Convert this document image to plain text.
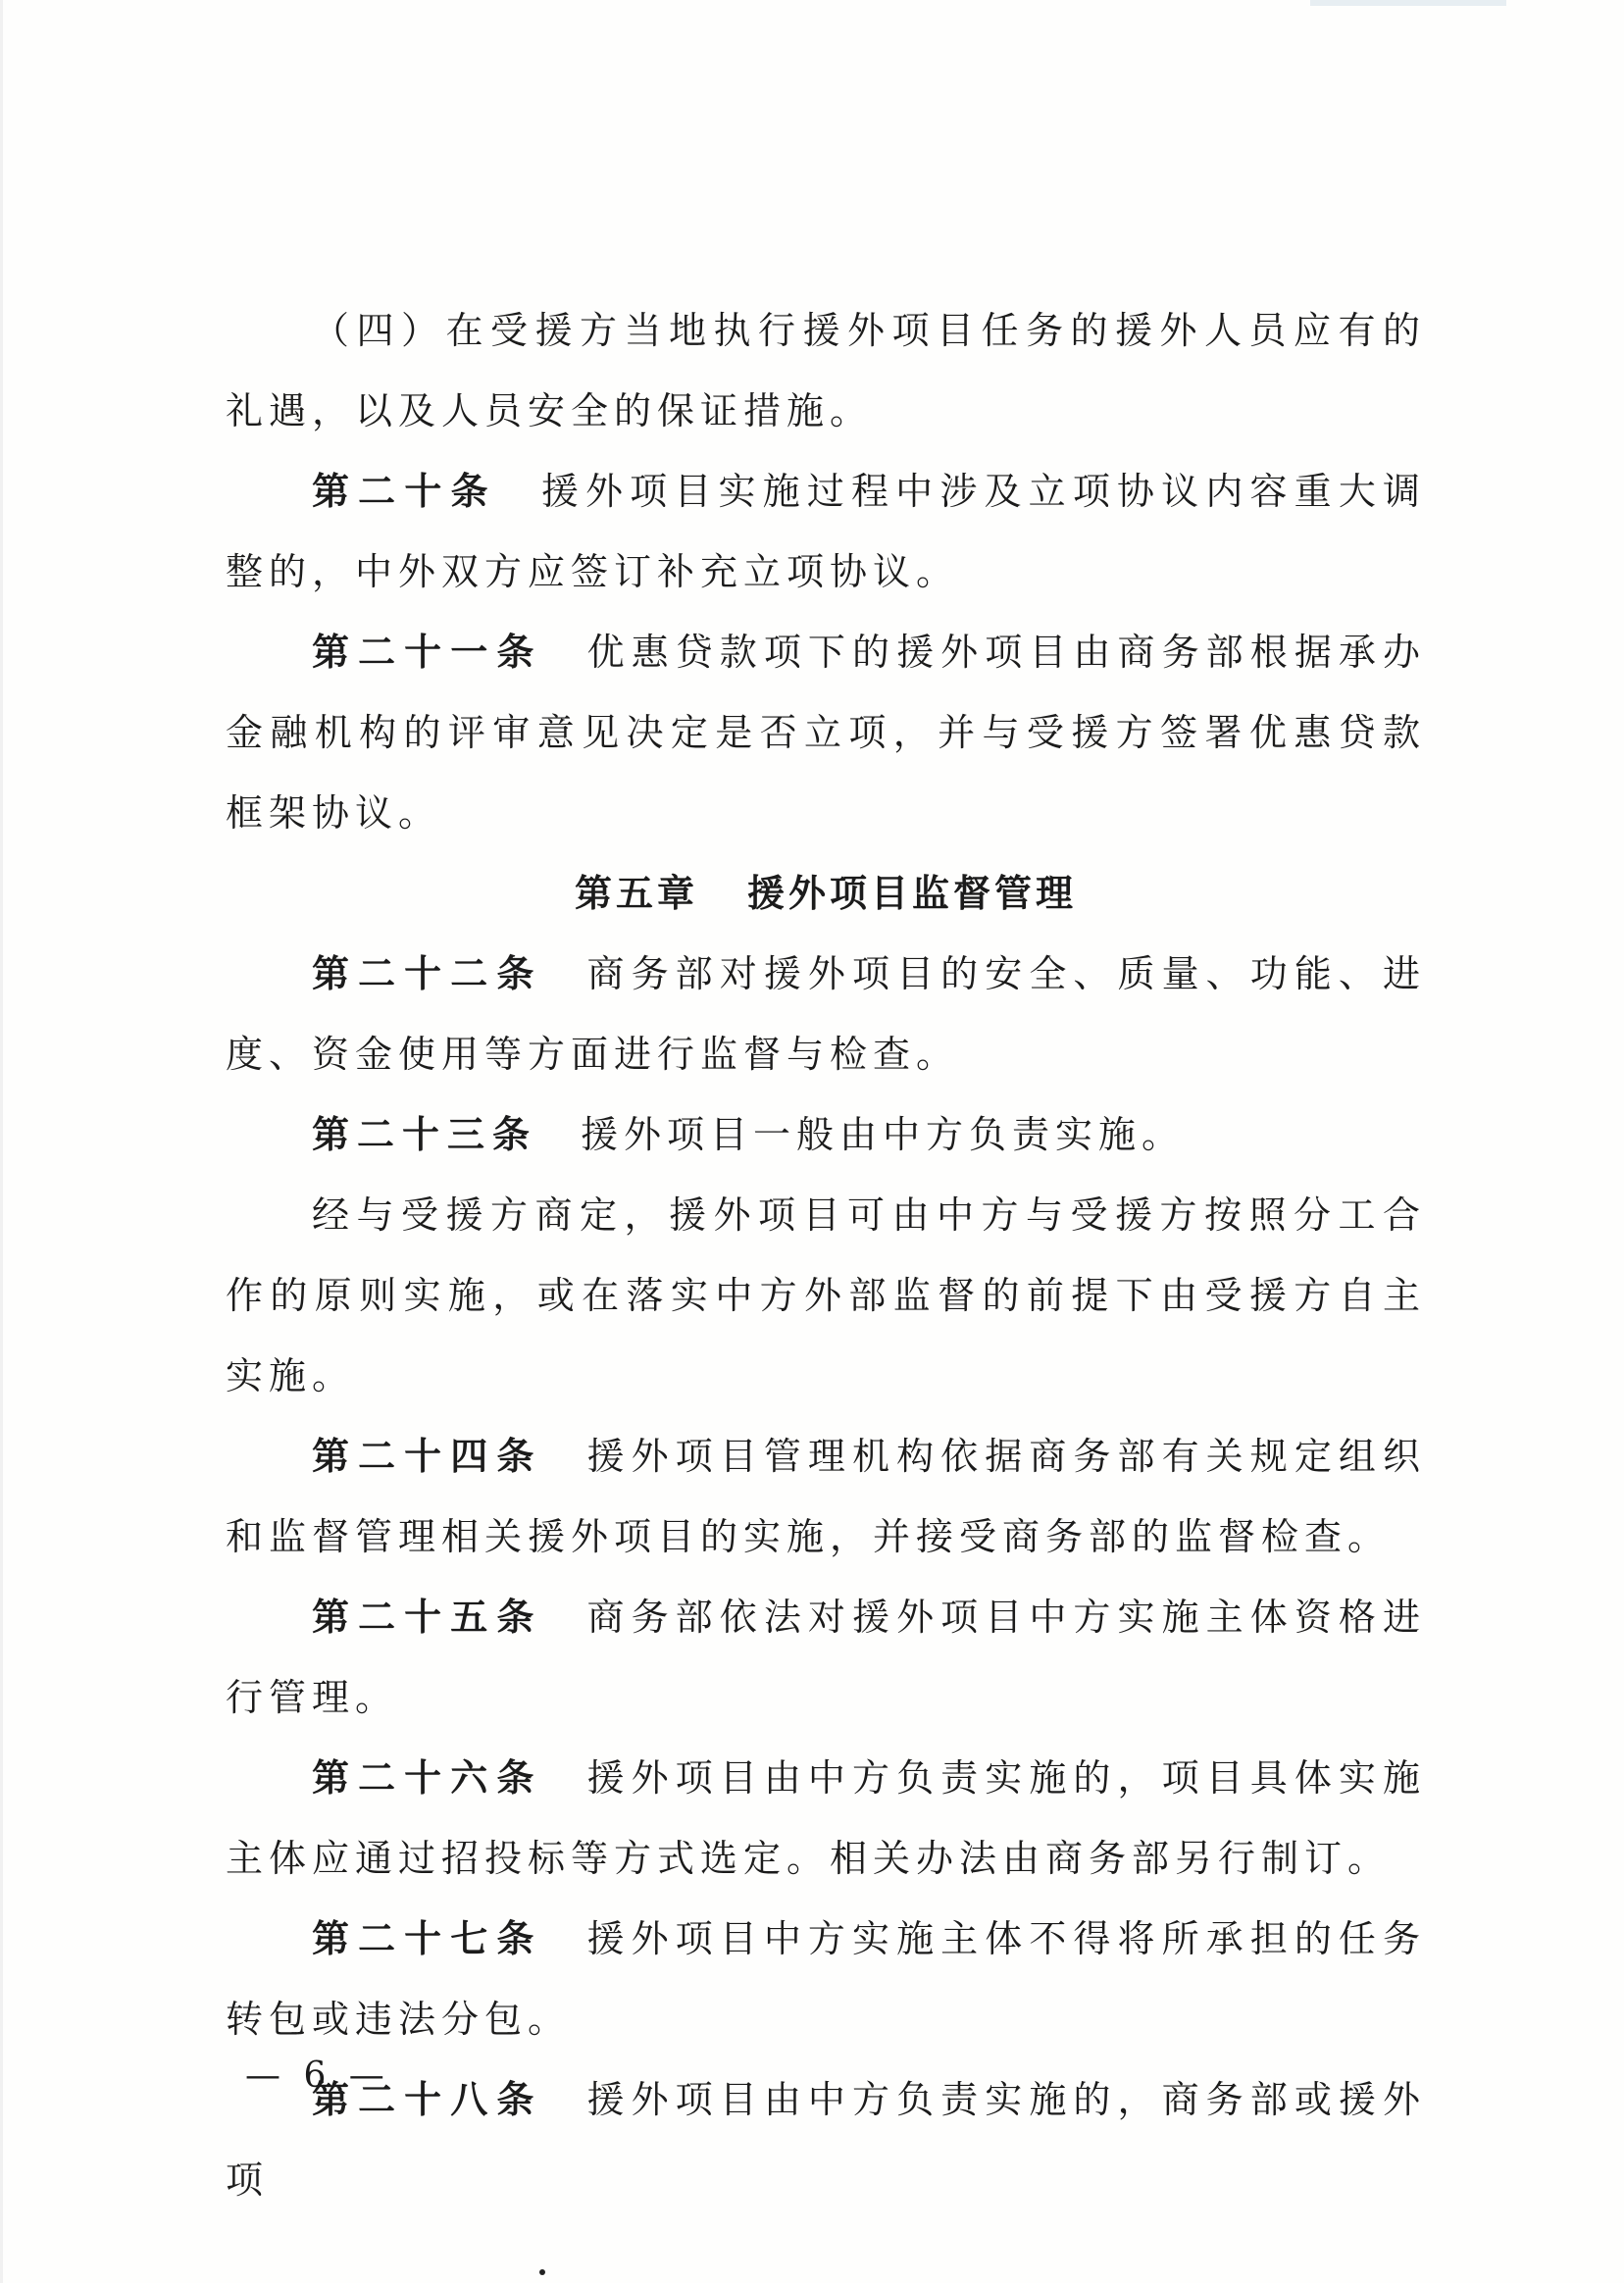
（四）在受援方当地执行援外项目任务的援外人员应有的礼遇，以及人员安全的保证措施。

第二十条 援外项目实施过程中涉及立项协议内容重大调整的，中外双方应签订补充立项协议。

第二十一条 优惠贷款项下的援外项目由商务部根据承办金融机构的评审意见决定是否立项，并与受援方签署优惠贷款框架协议。

第五章 援外项目监督管理

第二十二条 商务部对援外项目的安全、质量、功能、进度、资金使用等方面进行监督与检查。

第二十三条 援外项目一般由中方负责实施。

经与受援方商定，援外项目可由中方与受援方按照分工合作的原则实施，或在落实中方外部监督的前提下由受援方自主实施。

第二十四条 援外项目管理机构依据商务部有关规定组织和监督管理相关援外项目的实施，并接受商务部的监督检查。

第二十五条 商务部依法对援外项目中方实施主体资格进行管理。

第二十六条 援外项目由中方负责实施的，项目具体实施主体应通过招投标等方式选定。相关办法由商务部另行制订。

第二十七条 援外项目中方实施主体不得将所承担的任务转包或违法分包。

第二十八条 援外项目由中方负责实施的，商务部或援外项

— 6 —
